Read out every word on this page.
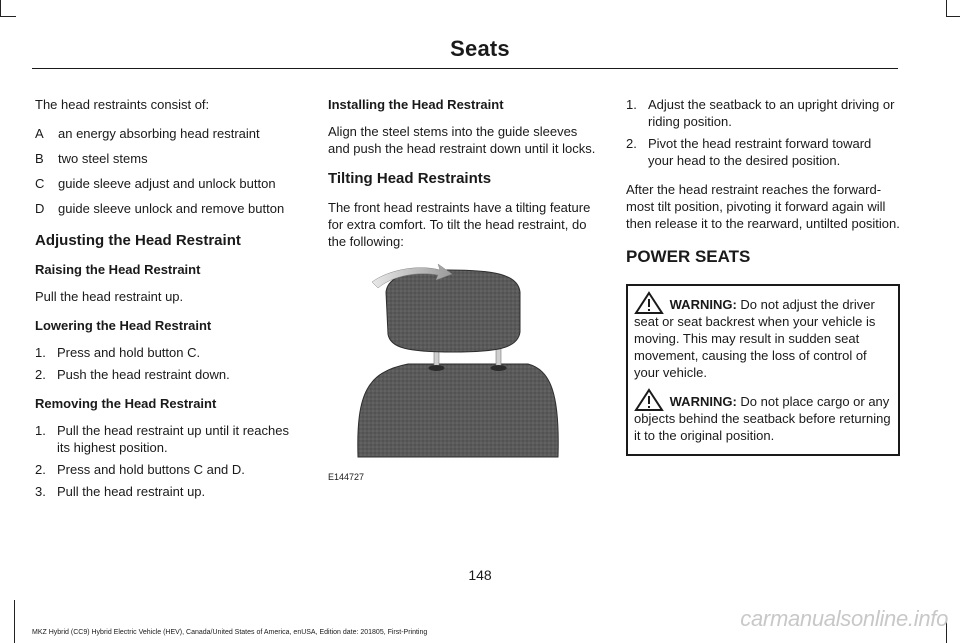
Seats

The head restraints consist of:

A	an energy absorbing head restraint
B	two steel stems
C	guide sleeve adjust and unlock button
D	guide sleeve unlock and remove button
Adjusting the Head Restraint
Raising the Head Restraint

Pull the head restraint up.

Lowering the Head Restraint
1. Press and hold button C.
2. Push the head restraint down.
Removing the Head Restraint
1. Pull the head restraint up until it reaches its highest position.
2. Press and hold buttons C and D.
3. Pull the head restraint up.
Installing the Head Restraint

Align the steel stems into the guide sleeves and push the head restraint down until it locks.

Tilting Head Restraints

The front head restraints have a tilting feature for extra comfort. To tilt the head restraint, do the following:

E144727
1. Adjust the seatback to an upright driving or riding position.
2. Pivot the head restraint forward toward your head to the desired position.

After the head restraint reaches the forward-most tilt position, pivoting it forward again will then release it to the rearward, untilted position.

POWER SEATS

WARNING: Do not adjust the driver seat or seat backrest when your vehicle is moving. This may result in sudden seat movement, causing the loss of control of your vehicle.

WARNING: Do not place cargo or any objects behind the seatback before returning it to the original position.

148
MKZ Hybrid (CC9) Hybrid Electric Vehicle (HEV), Canada/United States of America, enUSA, Edition date: 201805, First-Printing
carmanualsonline.info
